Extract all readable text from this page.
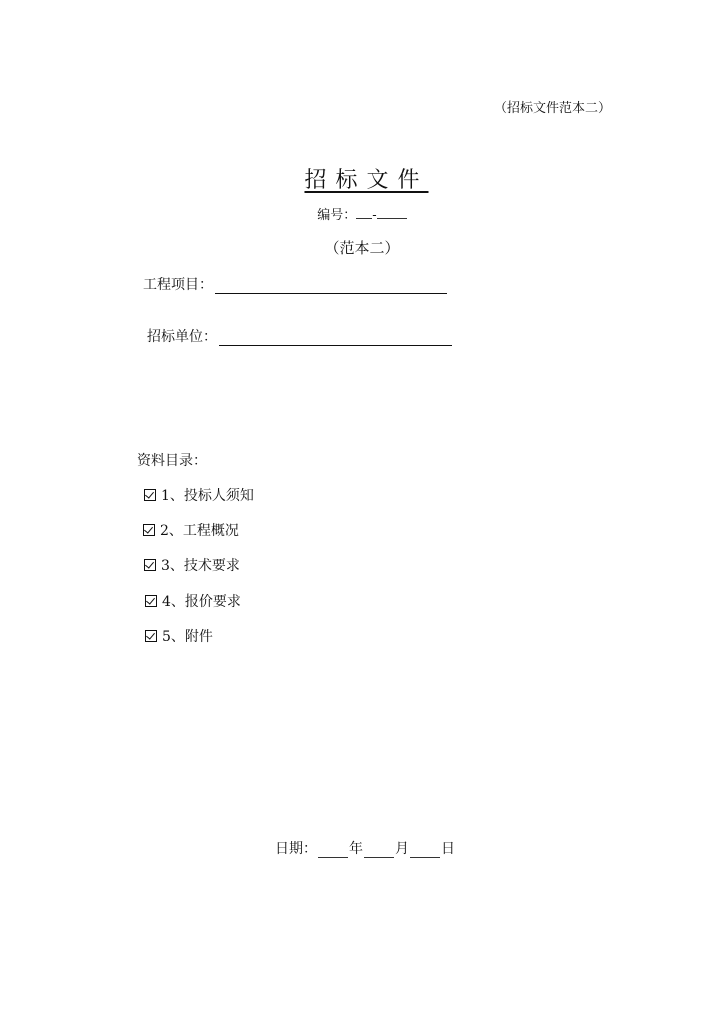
（招标文件范本二）
招标文件
编号： -
（范本二）
工程项目：
招标单位：
资料目录：
1、投标人须知
2、工程概况
3、技术要求
4、报价要求
5、附件
日期： 年 月 日
